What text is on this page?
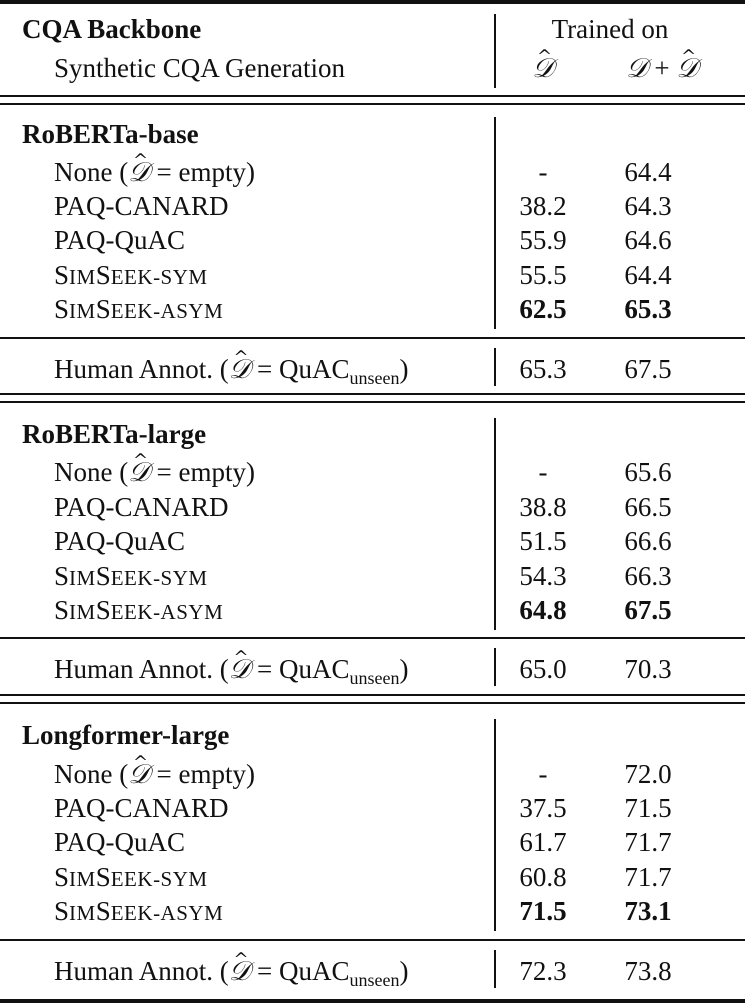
CQA Backbone
Synthetic CQA Generation
Trained on
^ 𝒟	𝒟 + ^ 𝒟
RoBERTa-base
None (^ 𝒟 = empty)	-	64.4
PAQ-CANARD	38.2	64.3
PAQ-QuAC	55.9	64.6
SIMSEEK-SYM	55.5	64.4
SIMSEEK-ASYM	62.5	65.3
Human Annot. (^ 𝒟 = QuAC$_{unseen}$)	65.3	67.5
RoBERTa-large
None (^ 𝒟 = empty)	-	65.6
PAQ-CANARD	38.8	66.5
PAQ-QuAC	51.5	66.6
SIMSEEK-SYM	54.3	66.3
SIMSEEK-ASYM	64.8	67.5
Human Annot. (^ 𝒟 = QuAC$_{unseen}$)	65.0	70.3
Longformer-large
None (^ 𝒟 = empty)	-	72.0
PAQ-CANARD	37.5	71.5
PAQ-QuAC	61.7	71.7
SIMSEEK-SYM	60.8	71.7
SIMSEEK-ASYM	71.5	73.1
Human Annot. (^ 𝒟 = QuAC$_{unseen}$)	72.3	73.8
